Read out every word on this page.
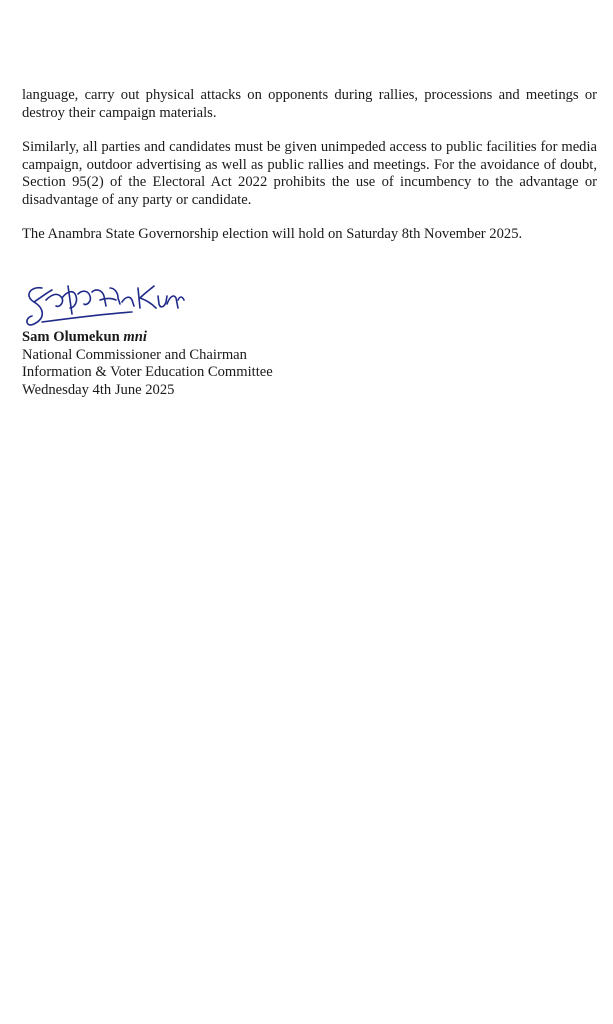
language, carry out physical attacks on opponents during rallies, processions and meetings or destroy their campaign materials.

Similarly, all parties and candidates must be given unimpeded access to public facilities for media campaign, outdoor advertising as well as public rallies and meetings. For the avoidance of doubt, Section 95(2) of the Electoral Act 2022 prohibits the use of incumbency to the advantage or disadvantage of any party or candidate.

The Anambra State Governorship election will hold on Saturday 8th November 2025.

Sam Olumekun mni
National Commissioner and Chairman
Information & Voter Education Committee
Wednesday 4th June 2025
